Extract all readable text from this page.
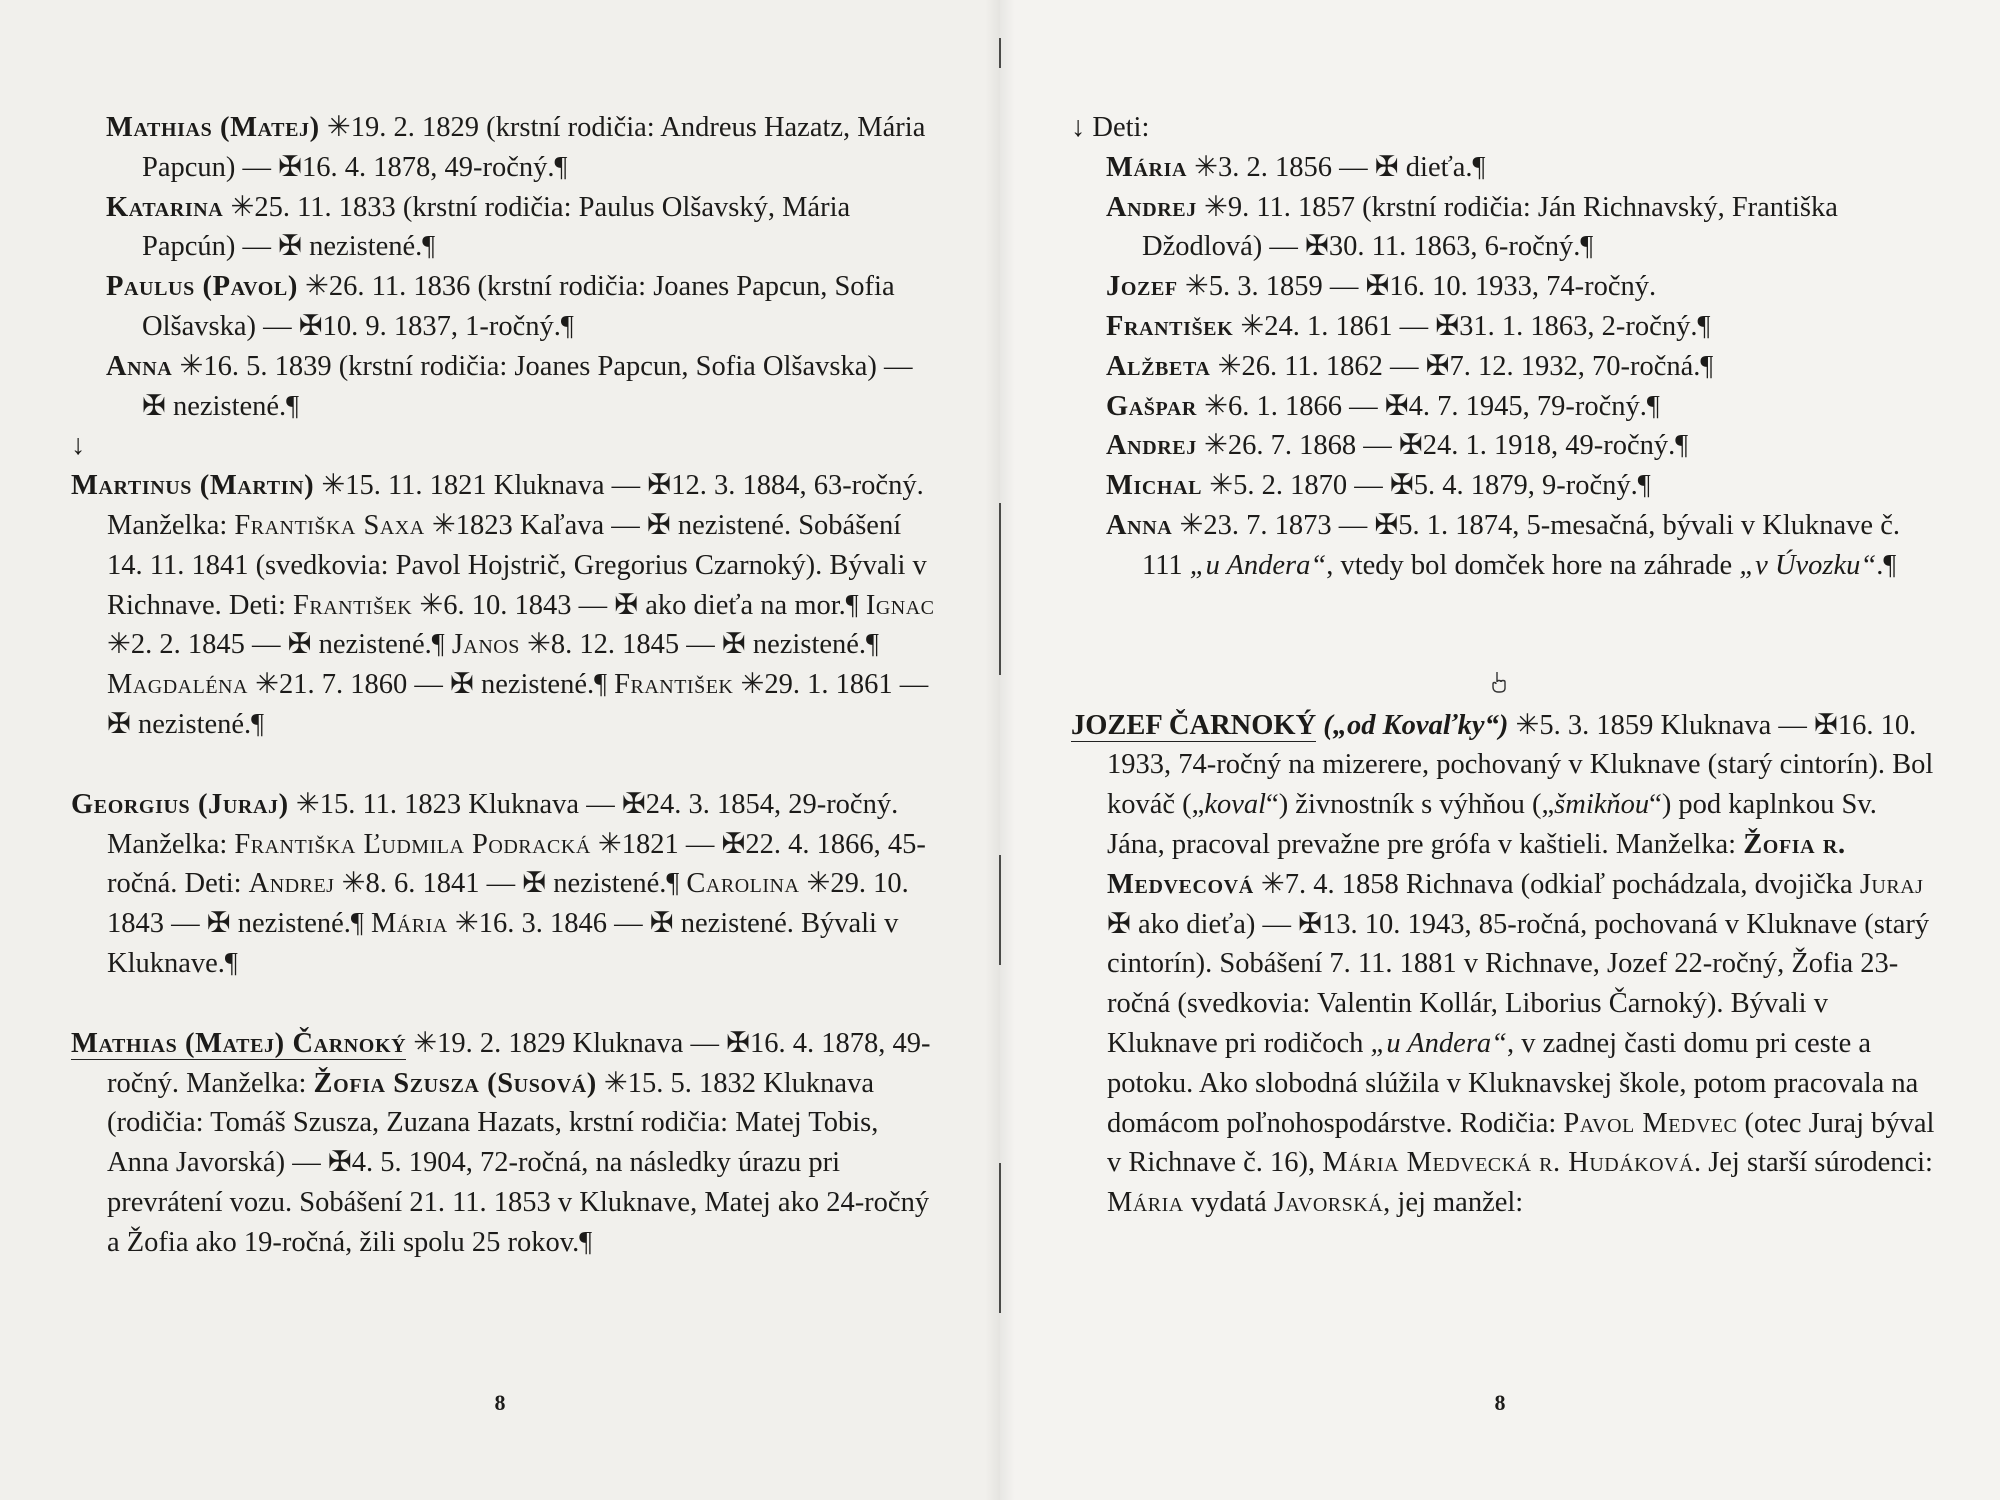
Mathias (Matej) ✳19. 2. 1829 (krstní rodičia: Andreus Hazatz, Mária Papcun) — ✠16. 4. 1878, 49-ročný.¶

Katarina ✳25. 11. 1833 (krstní rodičia: Paulus Olšavský, Mária Papcún) — ✠ nezistené.¶

Paulus (Pavol) ✳26. 11. 1836 (krstní rodičia: Joanes Papcun, Sofia Olšavska) — ✠10. 9. 1837, 1-ročný.¶

Anna ✳16. 5. 1839 (krstní rodičia: Joanes Papcun, Sofia Olšavska) — ✠ nezistené.¶

↓

Martinus (Martin) ✳15. 11. 1821 Kluknava — ✠12. 3. 1884, 63-ročný. Manželka: Františka Saxa ✳1823 Kaľava — ✠ nezistené. Sobášení 14. 11. 1841 (svedkovia: Pavol Hojstrič, Gregorius Czarnoký). Bývali v Richnave. Deti: František ✳6. 10. 1843 — ✠ ako dieťa na mor.¶ Ignac ✳2. 2. 1845 — ✠ nezistené.¶ Janos ✳8. 12. 1845 — ✠ nezistené.¶ Magdaléna ✳21. 7. 1860 — ✠ nezistené.¶ František ✳29. 1. 1861 — ✠ nezistené.¶

Georgius (Juraj) ✳15. 11. 1823 Kluknava — ✠24. 3. 1854, 29-ročný. Manželka: Františka Ľudmila Podracká ✳1821 — ✠22. 4. 1866, 45-ročná. Deti: Andrej ✳8. 6. 1841 — ✠ nezistené.¶ Carolina ✳29. 10. 1843 — ✠ nezistené.¶ Mária ✳16. 3. 1846 — ✠ nezistené. Bývali v Kluknave.¶

Mathias (Matej) Čarnoký ✳19. 2. 1829 Kluknava — ✠16. 4. 1878, 49-ročný. Manželka: Žofia Szusza (Susová) ✳15. 5. 1832 Kluknava (rodičia: Tomáš Szusza, Zuzana Hazats, krstní rodičia: Matej Tobis, Anna Javorská) — ✠4. 5. 1904, 72-ročná, na následky úrazu pri prevrátení vozu. Sobášení 21. 11. 1853 v Kluknave, Matej ako 24-ročný a Žofia ako 19-ročná, žili spolu 25 rokov.¶

8

↓ Deti:

Mária ✳3. 2. 1856 — ✠ dieťa.¶

Andrej ✳9. 11. 1857 (krstní rodičia: Ján Richnavský, Františka Džodlová) — ✠30. 11. 1863, 6-ročný.¶

Jozef ✳5. 3. 1859 — ✠16. 10. 1933, 74-ročný.

František ✳24. 1. 1861 — ✠31. 1. 1863, 2-ročný.¶

Alžbeta ✳26. 11. 1862 — ✠7. 12. 1932, 70-ročná.¶

Gašpar ✳6. 1. 1866 — ✠4. 7. 1945, 79-ročný.¶

Andrej ✳26. 7. 1868 — ✠24. 1. 1918, 49-ročný.¶

Michal ✳5. 2. 1870 — ✠5. 4. 1879, 9-ročný.¶

Anna ✳23. 7. 1873 — ✠5. 1. 1874, 5-mesačná, bývali v Kluknave č. 111 „u Andera“, vtedy bol domček hore na záhrade „v Úvozku“.¶

JOZEF ČARNOKÝ („od Kovaľky“) ✳5. 3. 1859 Kluknava — ✠16. 10. 1933, 74-ročný na mizerere, pochovaný v Kluknave (starý cintorín). Bol kováč („koval“) živnostník s výhňou („šmikňou“) pod kaplnkou Sv. Jána, pracoval prevažne pre grófa v kaštieli. Manželka: Žofia r. Medvecová ✳7. 4. 1858 Richnava (odkiaľ pochádzala, dvojička Juraj ✠ ako dieťa) — ✠13. 10. 1943, 85-ročná, pochovaná v Kluknave (starý cintorín). Sobášení 7. 11. 1881 v Richnave, Jozef 22-ročný, Žofia 23-ročná (svedkovia: Valentin Kollár, Liborius Čarnoký). Bývali v Kluknave pri rodičoch „u Andera“, v zadnej časti domu pri ceste a potoku. Ako slobodná slúžila v Kluknavskej škole, potom pracovala na domácom poľnohospodárstve. Rodičia: Pavol Medvec (otec Juraj býval v Richnave č. 16), Mária Medvecká r. Hudáková. Jej starší súrodenci: Mária vydatá Javorská, jej manžel:

8
